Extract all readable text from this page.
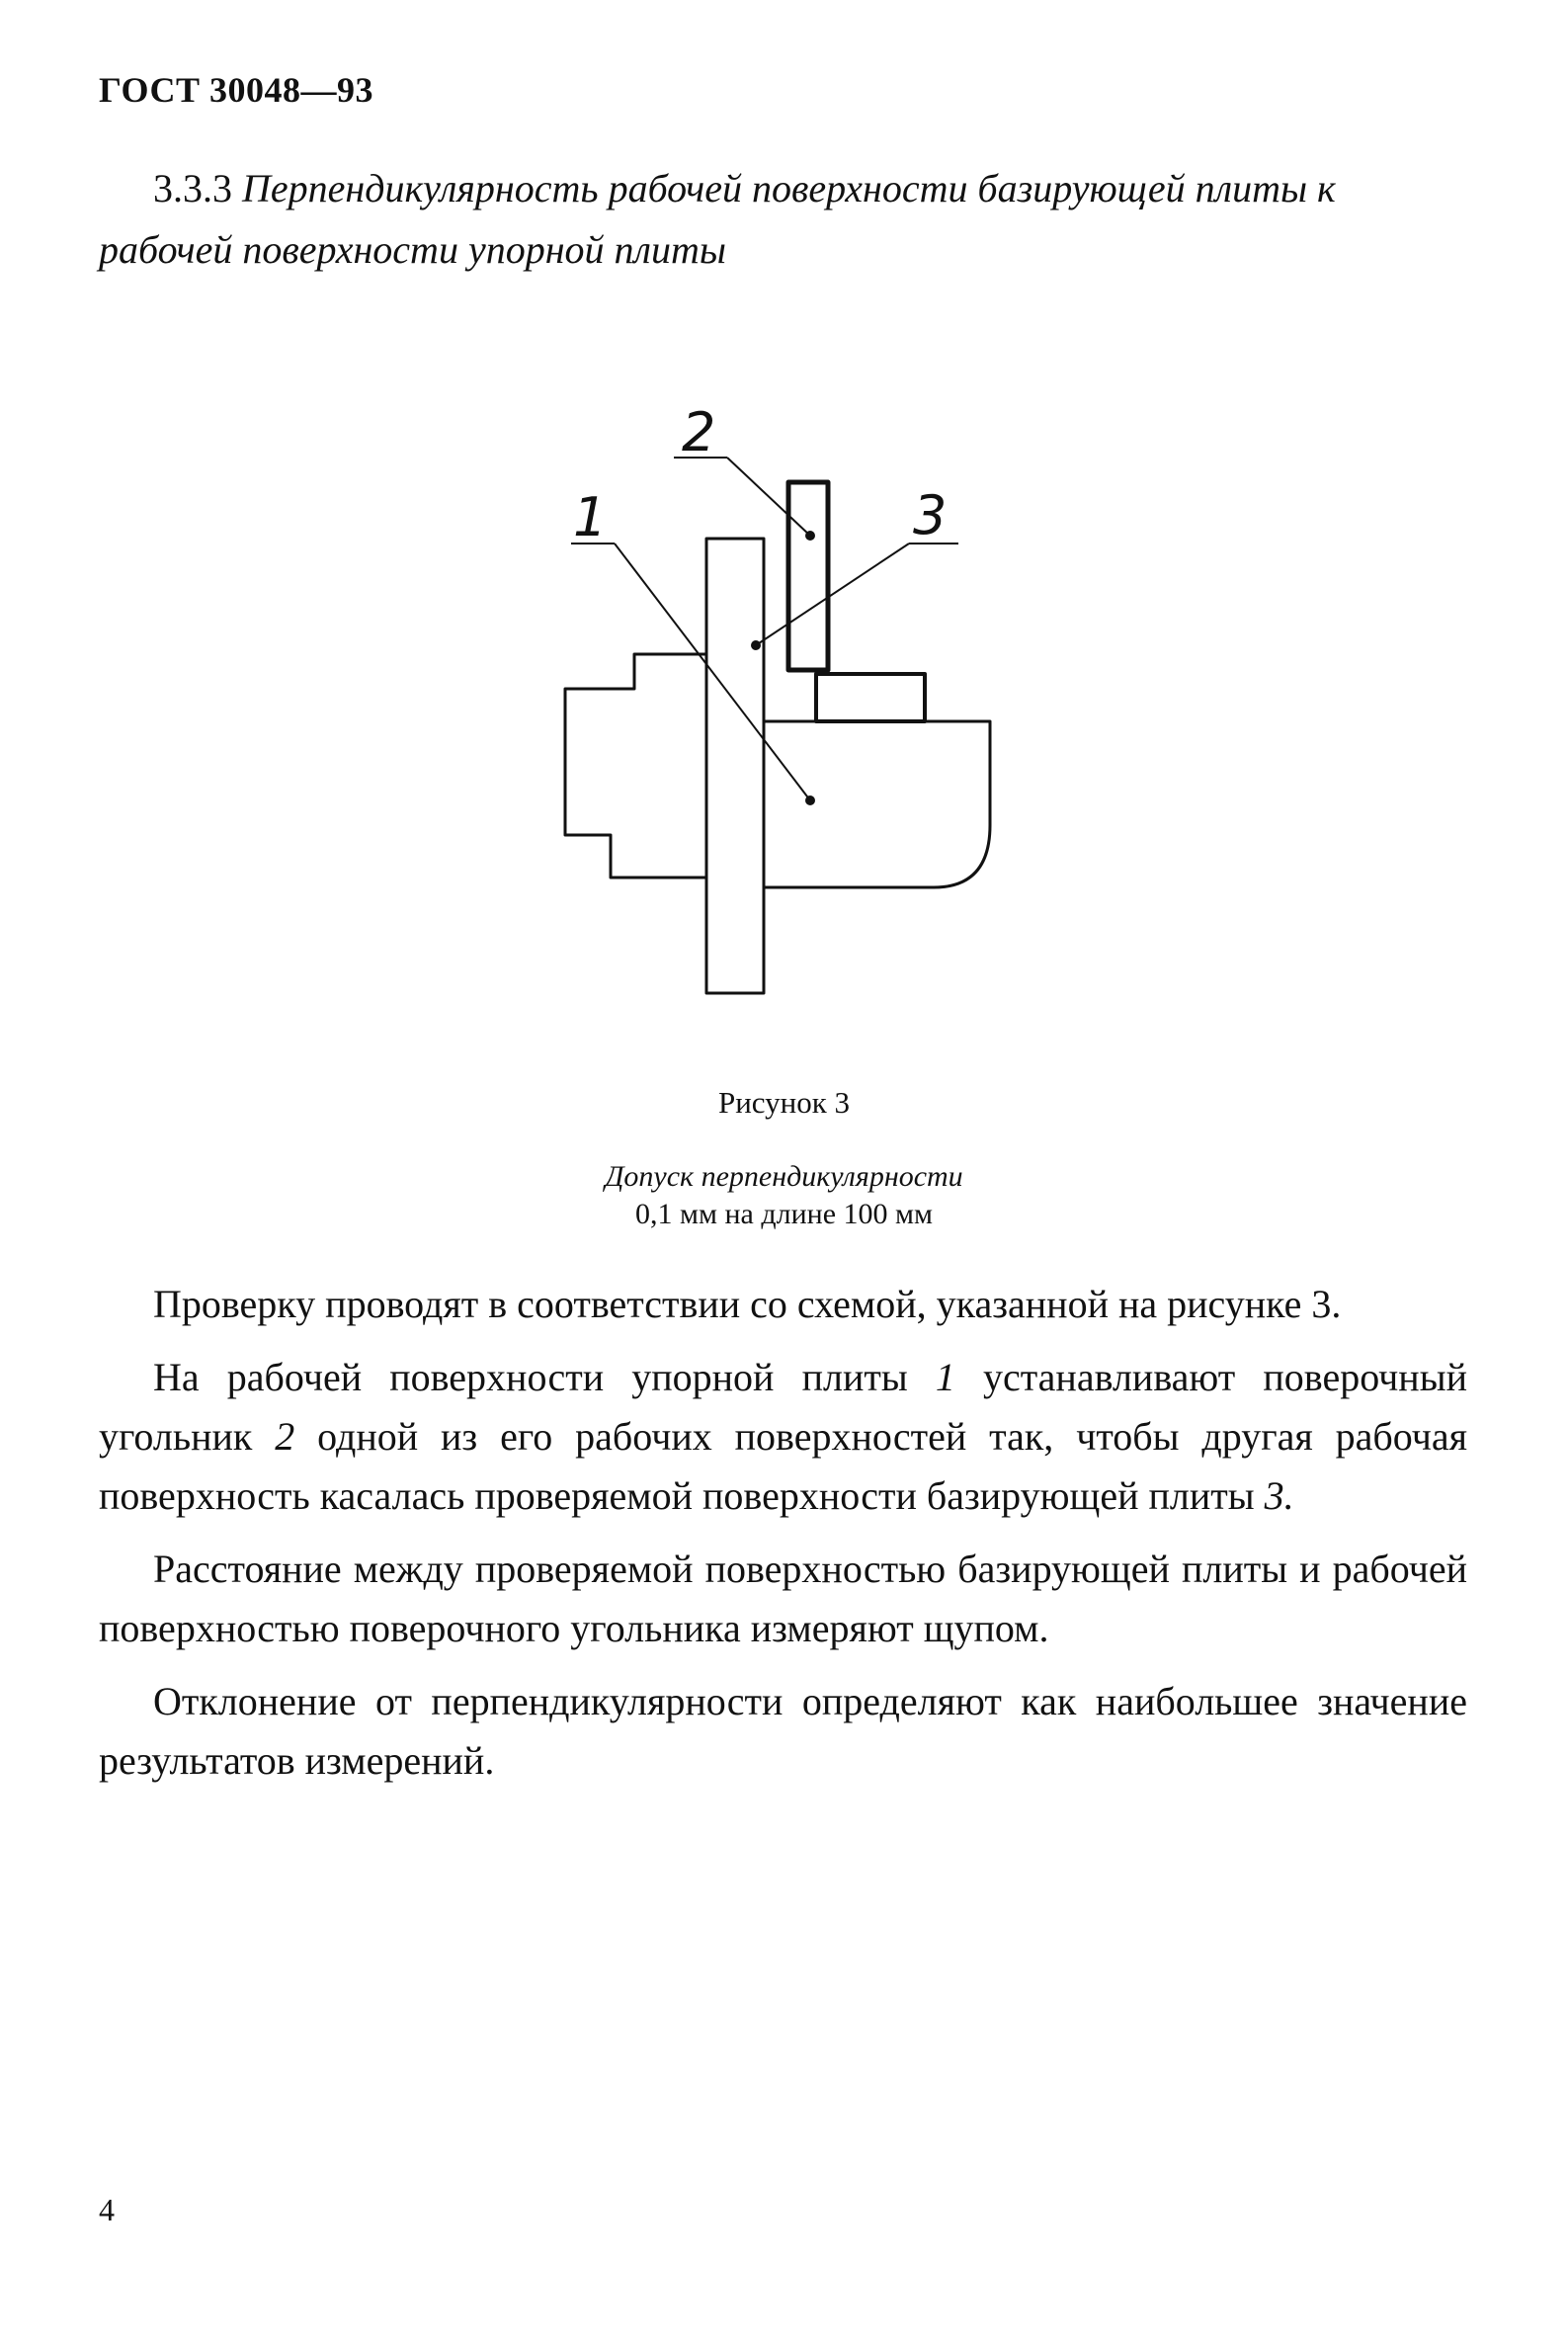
ГОСТ 30048—93
3.3.3 Перпендикулярность рабочей поверхности базирующей плиты к рабочей поверхности упорной плиты
2
1	3
Рисунок 3
Допуск перпендикулярности
0,1 мм на длине 100 мм

Проверку проводят в соответствии со схемой, указанной на рисунке 3.

На рабочей поверхности упорной плиты 1 устанавливают поверочный угольник 2 одной из его рабочих поверхностей так, чтобы другая рабочая поверхность касалась проверяемой поверхности базирующей плиты 3.

Расстояние между проверяемой поверхностью базирующей плиты и рабочей поверхностью поверочного угольника измеряют щупом.

Отклонение от перпендикулярности определяют как наибольшее значение результатов измерений.

4
